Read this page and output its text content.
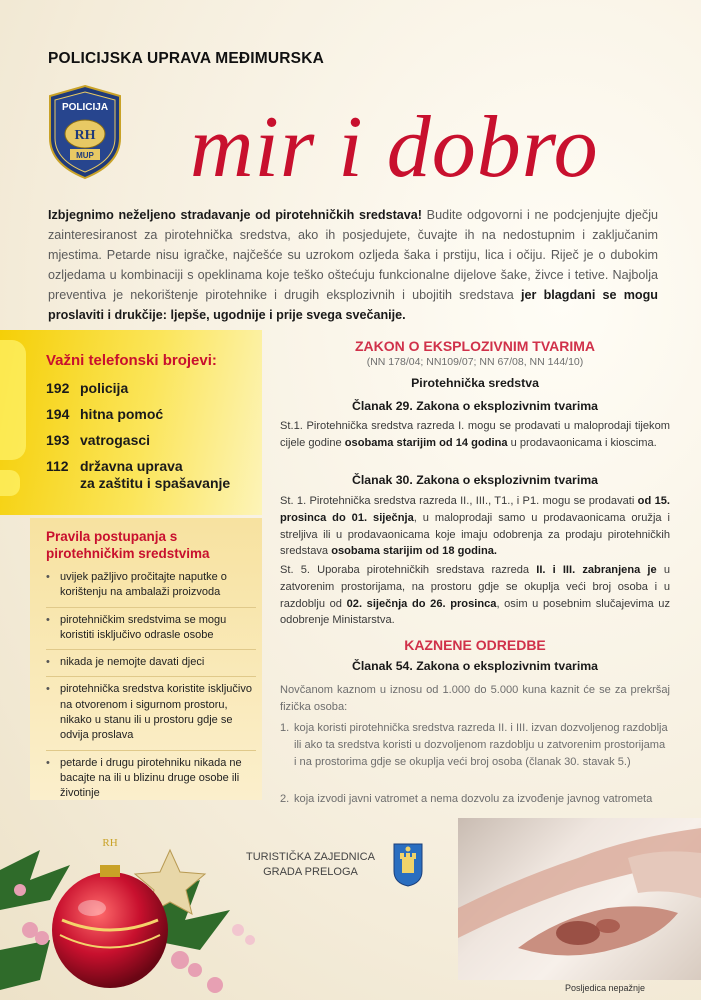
POLICIJSKA UPRAVA MEĐIMURSKA
POLICIJA
RH
MUP mir i dobro

Izbjegnimo neželjeno stradavanje od pirotehničkih sredstava! Budite odgovorni i ne podcjenjujte dječju zainteresiranost za pirotehnička sredstva, ako ih posjedujete, čuvajte ih na nedostupnim i zaključanim mjestima. Petarde nisu igračke, najčešće su uzrokom ozljeda šaka i prstiju, lica i očiju. Riječ je o dubokim ozljedama u kombinaciji s opeklinama koje teško oštećuju funkcionalne dijelove šake, živce i tetive. Najbolja preventiva je nekorištenje pirotehnike i drugih eksplozivnih i ubojitih sredstava jer blagdani se mogu proslaviti i drukčije: ljepše, ugodnije i prije svega svečanije.

Važni telefonski brojevi:
192 policija
194 hitna pomoć
193 vatrogasci
112 državna uprava
za zaštitu i spašavanje
Pravila postupanja s pirotehničkim sredstvima
• uvijek pažljivo pročitajte naputke o korištenju na ambalaži proizvoda
• pirotehničkim sredstvima se mogu koristiti isključivo odrasle osobe
• nikada je nemojte davati djeci
• pirotehnička sredstva koristite isključivo na otvorenom i sigurnom prostoru, nikako u stanu ili u prostoru gdje se odvija proslava
• petarde i drugu pirotehniku nikada ne bacajte na ili u blizinu druge osobe ili životinje
ZAKON O EKSPLOZIVNIM TVARIMA
(NN 178/04; NN109/07; NN 67/08, NN 144/10)
Pirotehnička sredstva
Članak 29. Zakona o eksplozivnim tvarima

St.1. Pirotehnička sredstva razreda I. mogu se prodavati u maloprodaji tijekom cijele godine osobama starijim od 14 godina u prodavaonicama i kioscima.

Članak 30. Zakona o eksplozivnim tvarima

St. 1. Pirotehnička sredstva razreda II., III., T1., i P1. mogu se prodavati od 15. prosinca do 01. siječnja, u maloprodaji samo u prodavaonicama oružja i streljiva ili u prodavaonicama koje imaju odobrenja za prodaju pirotehničkih sredstava osobama starijim od 18 godina.

St. 5. Uporaba pirotehničkih sredstava razreda II. i III. zabranjena je u zatvorenim prostorijama, na prostoru gdje se okuplja veći broj osoba i u razdoblju od 02. siječnja do 26. prosinca, osim u posebnim slučajevima uz odobrenje Ministarstva.

KAZNENE ODREDBE
Članak 54. Zakona o eksplozivnim tvarima

Novčanom kaznom u iznosu od 1.000 do 5.000 kuna kaznit će se za prekršaj fizička osoba:

1. koja koristi pirotehnička sredstva razreda II. i III. izvan dozvoljenog razdoblja ili ako ta sredstva koristi u dozvoljenom razdoblju u zatvorenim prostorijama i na prostorima gdje se okuplja veći broj osoba (članak 30. stavak 5.)

2. koja izvodi javni vatromet a nema dozvolu za izvođenje javnog vatrometa

RH
TURISTIČKA ZAJEDNICA
GRADA PRELOGA
Posljedica nepažnje
